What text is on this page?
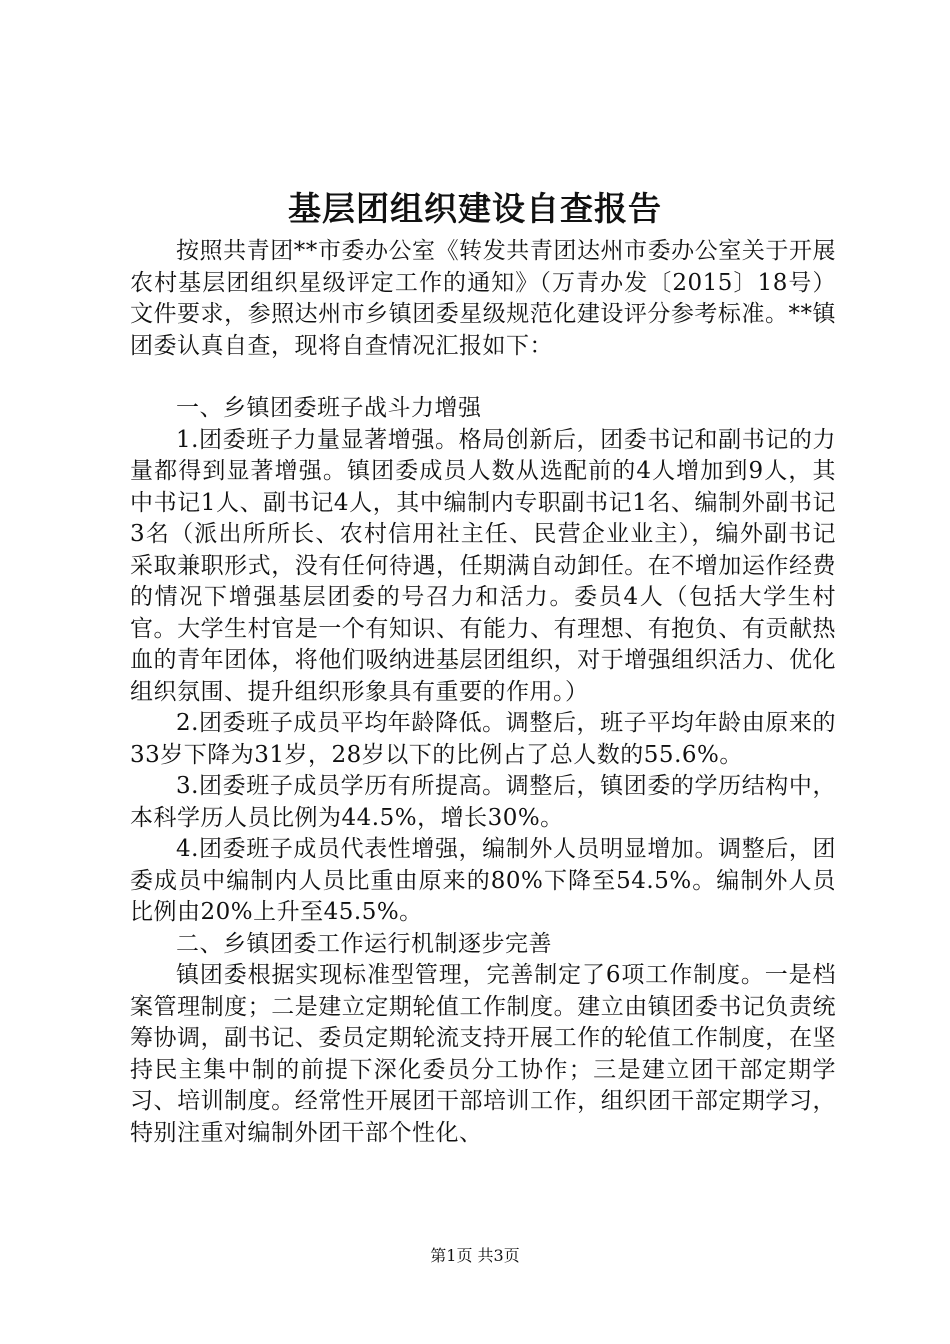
基层团组织建设自查报告

按照共青团**市委办公室《转发共青团达州市委办公室关于开展农村基层团组织星级评定工作的通知》（万青办发〔2015〕18号）文件要求，参照达州市乡镇团委星级规范化建设评分参考标准。**镇团委认真自查，现将自查情况汇报如下：

一、乡镇团委班子战斗力增强

1.团委班子力量显著增强。格局创新后，团委书记和副书记的力量都得到显著增强。镇团委成员人数从选配前的4人增加到9人，其中书记1人、副书记4人，其中编制内专职副书记1名、编制外副书记3名（派出所所长、农村信用社主任、民营企业业主），编外副书记采取兼职形式，没有任何待遇，任期满自动卸任。在不增加运作经费的情况下增强基层团委的号召力和活力。委员4人（包括大学生村官。大学生村官是一个有知识、有能力、有理想、有抱负、有贡献热血的青年团体，将他们吸纳进基层团组织，对于增强组织活力、优化组织氛围、提升组织形象具有重要的作用。）

2.团委班子成员平均年龄降低。调整后，班子平均年龄由原来的33岁下降为31岁，28岁以下的比例占了总人数的55.6%。

3.团委班子成员学历有所提高。调整后，镇团委的学历结构中，本科学历人员比例为44.5%，增长30%。

4.团委班子成员代表性增强，编制外人员明显增加。调整后，团委成员中编制内人员比重由原来的80%下降至54.5%。编制外人员比例由20%上升至45.5%。

二、乡镇团委工作运行机制逐步完善

镇团委根据实现标准型管理，完善制定了6项工作制度。一是档案管理制度；二是建立定期轮值工作制度。建立由镇团委书记负责统筹协调，副书记、委员定期轮流支持开展工作的轮值工作制度，在坚持民主集中制的前提下深化委员分工协作；三是建立团干部定期学习、培训制度。经常性开展团干部培训工作，组织团干部定期学习，特别注重对编制外团干部个性化、

第1页 共3页
